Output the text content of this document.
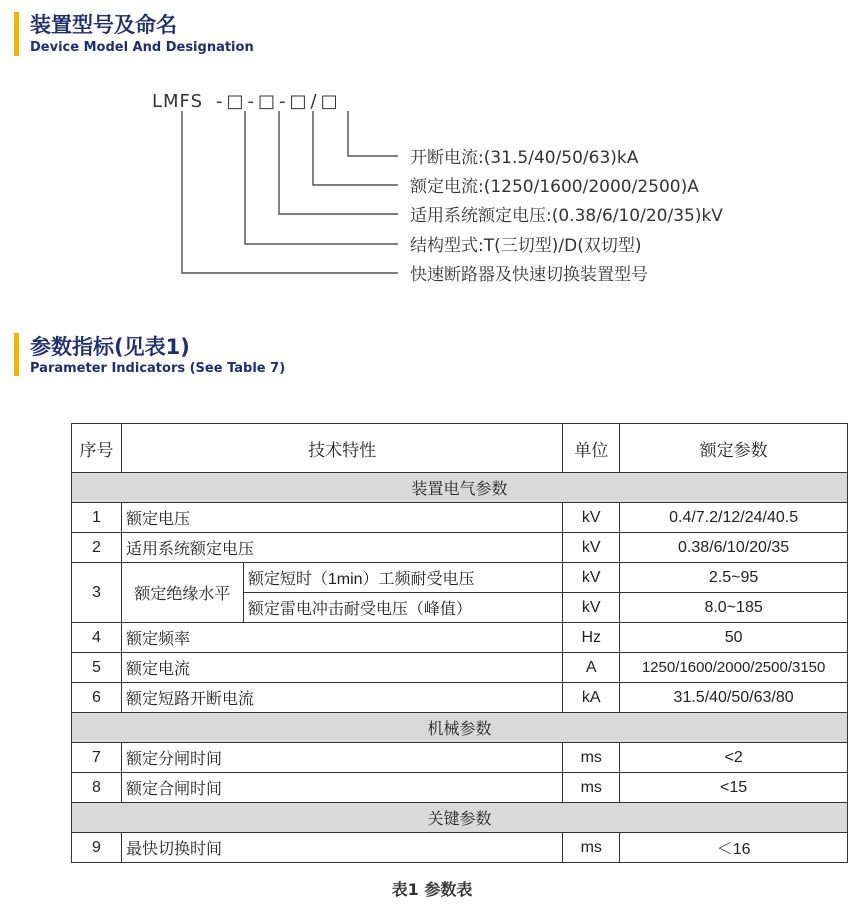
装置型号及命名
Device Model And Designation
LMFS -□-□-□/□
开断电流:(31.5/40/50/63)kA
额定电流:(1250/1600/2000/2500)A
适用系统额定电压:(0.38/6/10/20/35)kV
结构型式:T(三切型)/D(双切型)
快速断路器及快速切换装置型号
参数指标(见表1)
Parameter Indicators (See Table 7)
序号	技术特性		单位	额定参数
装置电气参数				
1	额定电压		kV	0.4/7.2/12/24/40.5
2	适用系统额定电压		kV	0.38/6/10/20/35
3	额定绝缘水平	额定短时（1min）工频耐受电压	kV	2.5~95
		额定雷电冲击耐受电压（峰值）	kV	8.0~185
4	额定频率		Hz	50
5	额定电流		A	1250/1600/2000/2500/3150
6	额定短路开断电流		kA	31.5/40/50/63/80
机械参数				
7	额定分闸时间		ms	<2
8	额定合闸时间		ms	<15
关键参数				
9	最快切换时间		ms	＜16
表1 参数表
